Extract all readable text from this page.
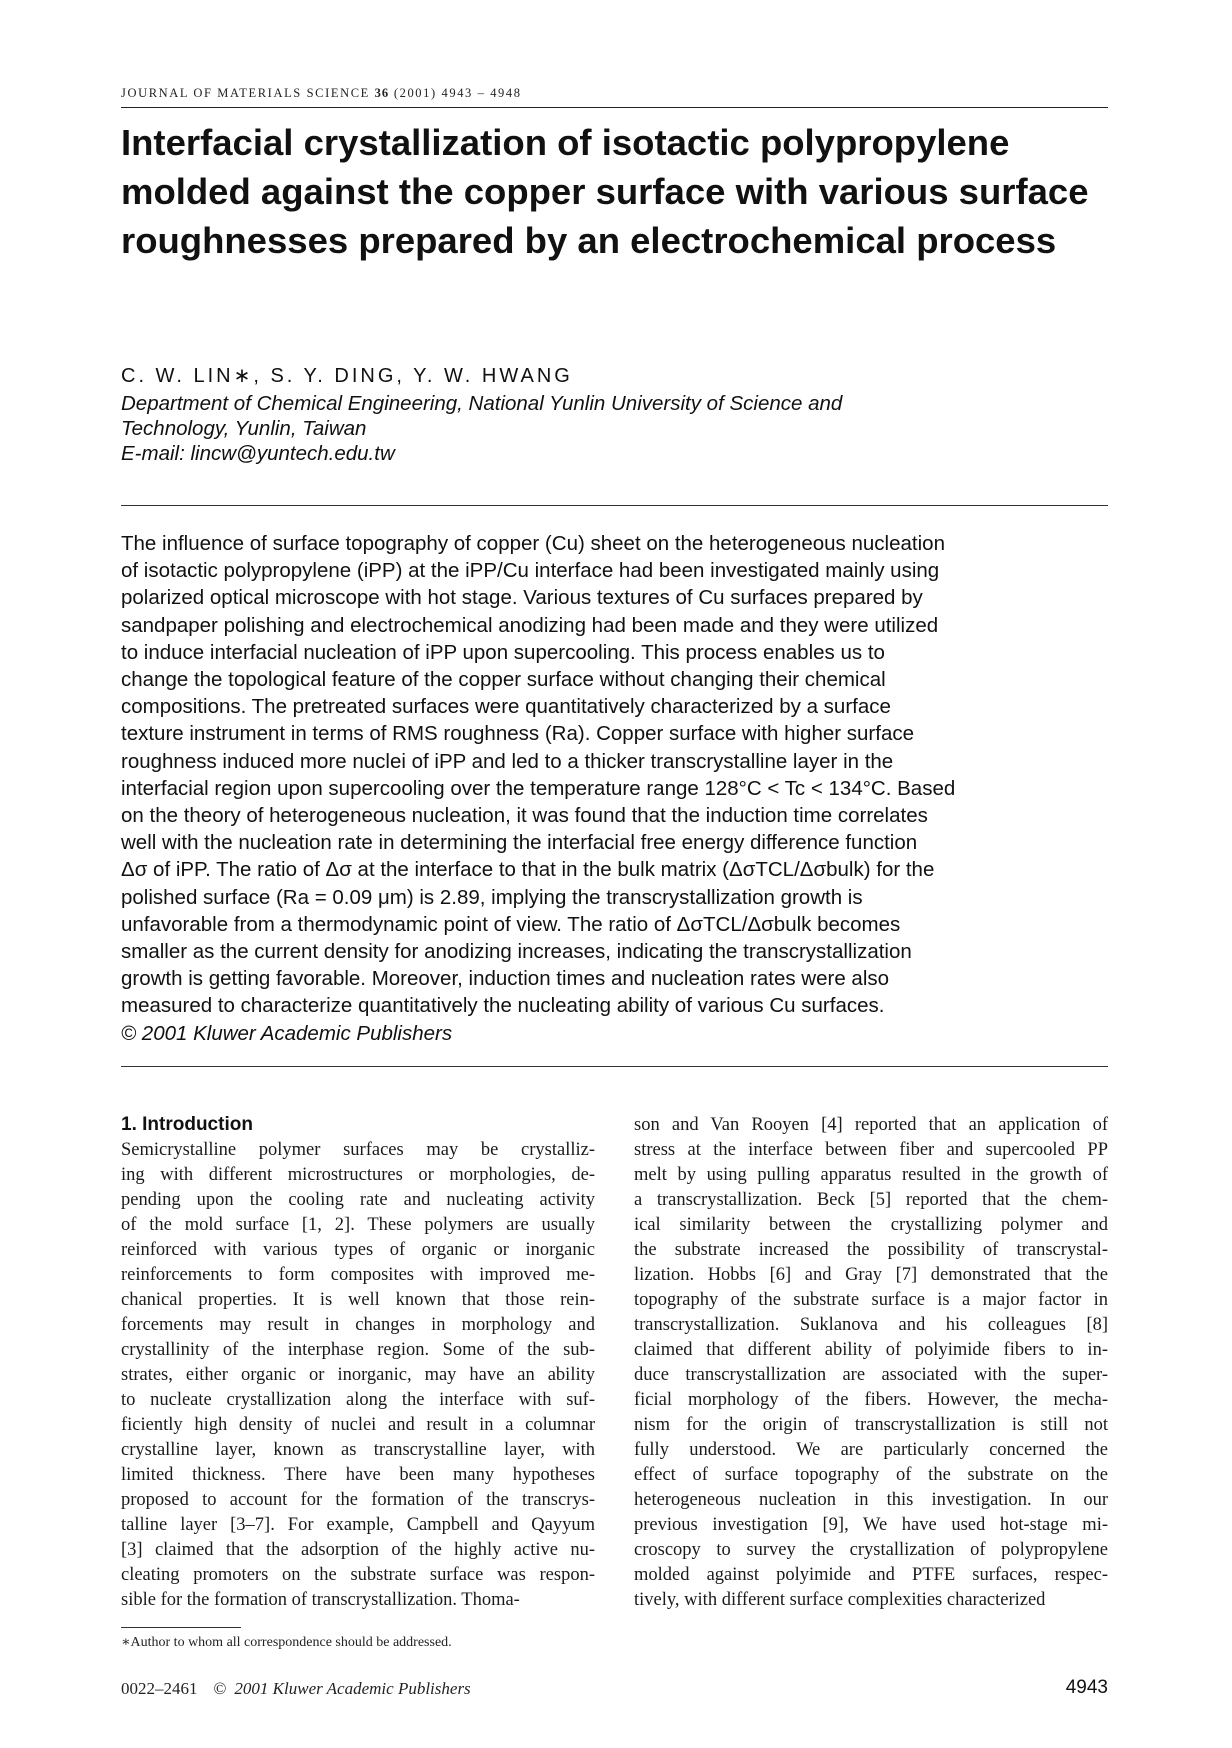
JOURNAL OF MATERIALS SCIENCE 36 (2001) 4943 – 4948
Interfacial crystallization of isotactic polypropylene molded against the copper surface with various surface roughnesses prepared by an electrochemical process
C. W. LIN∗, S. Y. DING, Y. W. HWANG
Department of Chemical Engineering, National Yunlin University of Science and
Technology, Yunlin, Taiwan
E-mail: lincw@yuntech.edu.tw
The influence of surface topography of copper (Cu) sheet on the heterogeneous nucleation
of isotactic polypropylene (iPP) at the iPP/Cu interface had been investigated mainly using
polarized optical microscope with hot stage. Various textures of Cu surfaces prepared by
sandpaper polishing and electrochemical anodizing had been made and they were utilized
to induce interfacial nucleation of iPP upon supercooling. This process enables us to
change the topological feature of the copper surface without changing their chemical
compositions. The pretreated surfaces were quantitatively characterized by a surface
texture instrument in terms of RMS roughness (Ra). Copper surface with higher surface
roughness induced more nuclei of iPP and led to a thicker transcrystalline layer in the
interfacial region upon supercooling over the temperature range 128°C < Tc < 134°C. Based
on the theory of heterogeneous nucleation, it was found that the induction time correlates
well with the nucleation rate in determining the interfacial free energy difference function
Δσ of iPP. The ratio of Δσ at the interface to that in the bulk matrix (ΔσTCL/Δσbulk) for the
polished surface (Ra = 0.09 μm) is 2.89, implying the transcrystallization growth is
unfavorable from a thermodynamic point of view. The ratio of ΔσTCL/Δσbulk becomes
smaller as the current density for anodizing increases, indicating the transcrystallization
growth is getting favorable. Moreover, induction times and nucleation rates were also
measured to characterize quantitatively the nucleating ability of various Cu surfaces.
© 2001 Kluwer Academic Publishers
1. Introduction
Semicrystalline polymer surfaces may be crystalliz-
ing with different microstructures or morphologies, de-
pending upon the cooling rate and nucleating activity
of the mold surface [1, 2]. These polymers are usually
reinforced with various types of organic or inorganic
reinforcements to form composites with improved me-
chanical properties. It is well known that those rein-
forcements may result in changes in morphology and
crystallinity of the interphase region. Some of the sub-
strates, either organic or inorganic, may have an ability
to nucleate crystallization along the interface with suf-
ficiently high density of nuclei and result in a columnar
crystalline layer, known as transcrystalline layer, with
limited thickness. There have been many hypotheses
proposed to account for the formation of the transcrys-
talline layer [3–7]. For example, Campbell and Qayyum
[3] claimed that the adsorption of the highly active nu-
cleating promoters on the substrate surface was respon-
sible for the formation of transcrystallization. Thoma-
son and Van Rooyen [4] reported that an application of
stress at the interface between fiber and supercooled PP
melt by using pulling apparatus resulted in the growth of
a transcrystallization. Beck [5] reported that the chem-
ical similarity between the crystallizing polymer and
the substrate increased the possibility of transcrystal-
lization. Hobbs [6] and Gray [7] demonstrated that the
topography of the substrate surface is a major factor in
transcrystallization. Suklanova and his colleagues [8]
claimed that different ability of polyimide fibers to in-
duce transcrystallization are associated with the super-
ficial morphology of the fibers. However, the mecha-
nism for the origin of transcrystallization is still not
fully understood. We are particularly concerned the
effect of surface topography of the substrate on the
heterogeneous nucleation in this investigation. In our
previous investigation [9], We have used hot-stage mi-
croscopy to survey the crystallization of polypropylene
molded against polyimide and PTFE surfaces, respec-
tively, with different surface complexities characterized
∗Author to whom all correspondence should be addressed.
0022–2461 © 2001 Kluwer Academic Publishers	4943
